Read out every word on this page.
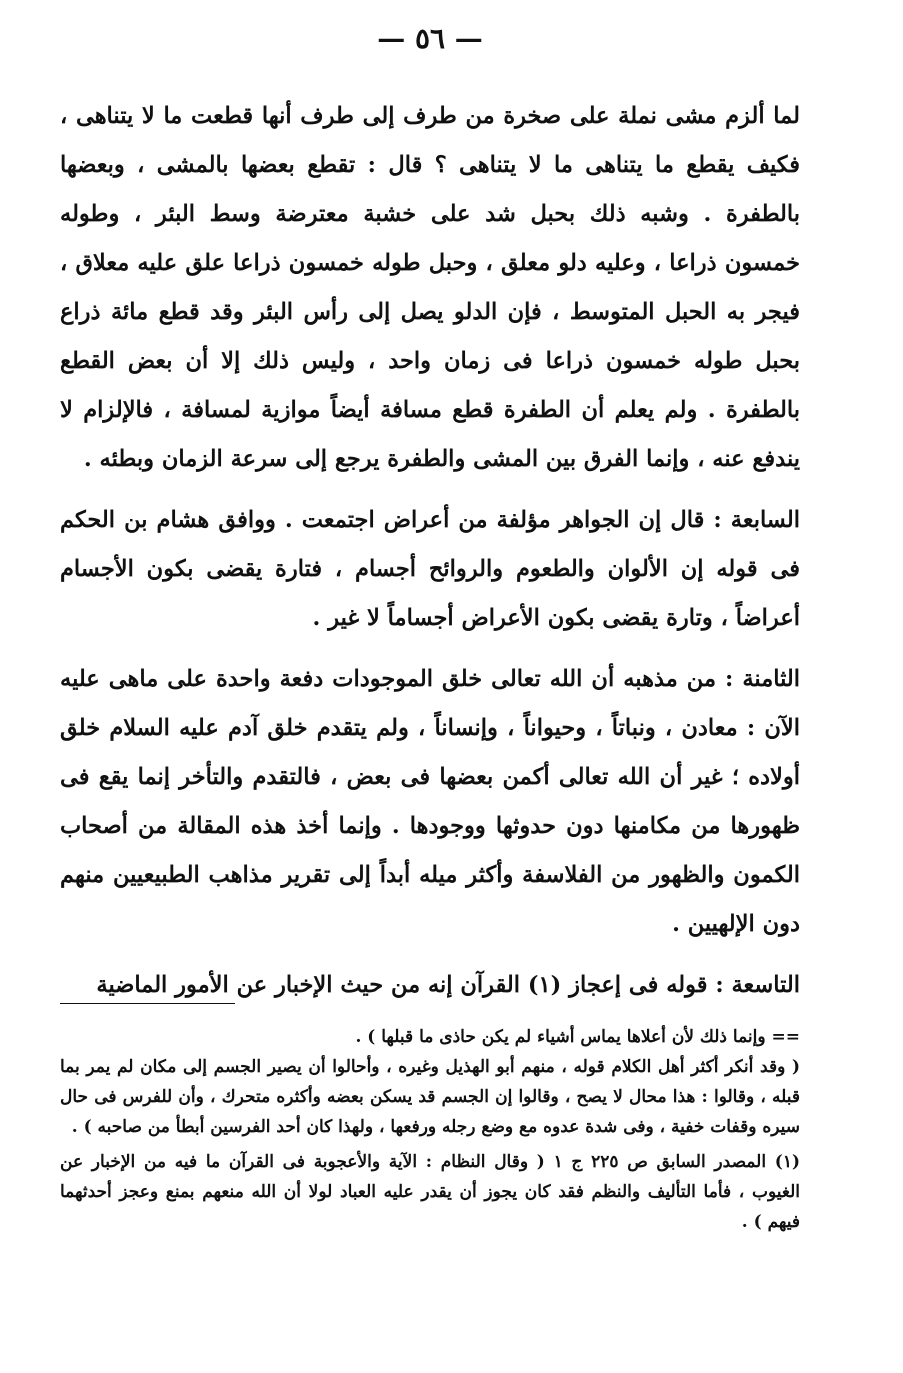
— ٥٦ —

لما ألزم مشى نملة على صخرة من طرف إلى طرف أنها قطعت ما لا يتناهى ، فكيف يقطع ما يتناهى ما لا يتناهى ؟ قال : تقطع بعضها بالمشى ، وبعضها بالطفرة . وشبه ذلك بحبل شد على خشبة معترضة وسط البئر ، وطوله خمسون ذراعا ، وعليه دلو معلق ، وحبل طوله خمسون ذراعا علق عليه معلاق ، فيجر به الحبل المتوسط ، فإن الدلو يصل إلى رأس البئر وقد قطع مائة ذراع بحبل طوله خمسون ذراعا فى زمان واحد ، وليس ذلك إلا أن بعض القطع بالطفرة . ولم يعلم أن الطفرة قطع مسافة أيضاً موازية لمسافة ، فالإلزام لا يندفع عنه ، وإنما الفرق بين المشى والطفرة يرجع إلى سرعة الزمان وبطئه .

السابعة : قال إن الجواهر مؤلفة من أعراض اجتمعت . ووافق هشام بن الحكم فى قوله إن الألوان والطعوم والروائح أجسام ، فتارة يقضى بكون الأجسام أعراضاً ، وتارة يقضى بكون الأعراض أجساماً لا غير .

الثامنة : من مذهبه أن الله تعالى خلق الموجودات دفعة واحدة على ماهى عليه الآن : معادن ، ونباتاً ، وحيواناً ، وإنساناً ، ولم يتقدم خلق آدم عليه السلام خلق أولاده ؛ غير أن الله تعالى أكمن بعضها فى بعض ، فالتقدم والتأخر إنما يقع فى ظهورها من مكامنها دون حدوثها ووجودها . وإنما أخذ هذه المقالة من أصحاب الكمون والظهور من الفلاسفة وأكثر ميله أبداً إلى تقرير مذاهب الطبيعيين منهم دون الإلهيين .

التاسعة : قوله فى إعجاز (١) القرآن إنه من حيث الإخبار عن الأمور الماضية

== وإنما ذلك لأن أعلاها يماس أشياء لم يكن حاذى ما قبلها ) .

( وقد أنكر أكثر أهل الكلام قوله ، منهم أبو الهذيل وغيره ، وأحالوا أن يصير الجسم إلى مكان لم يمر بما قبله ، وقالوا : هذا محال لا يصح ، وقالوا إن الجسم قد يسكن بعضه وأكثره متحرك ، وأن للفرس فى حال سيره وقفات خفية ، وفى شدة عدوه مع وضع رجله ورفعها ، ولهذا كان أحد الفرسين أبطأ من صاحبه ) .

(١) المصدر السابق ص ٢٢٥ ج ١ ( وقال النظام : الآية والأعجوبة فى القرآن ما فيه من الإخبار عن الغيوب ، فأما التأليف والنظم فقد كان يجوز أن يقدر عليه العباد لولا أن الله منعهم بمنع وعجز أحدثهما فيهم ) .
